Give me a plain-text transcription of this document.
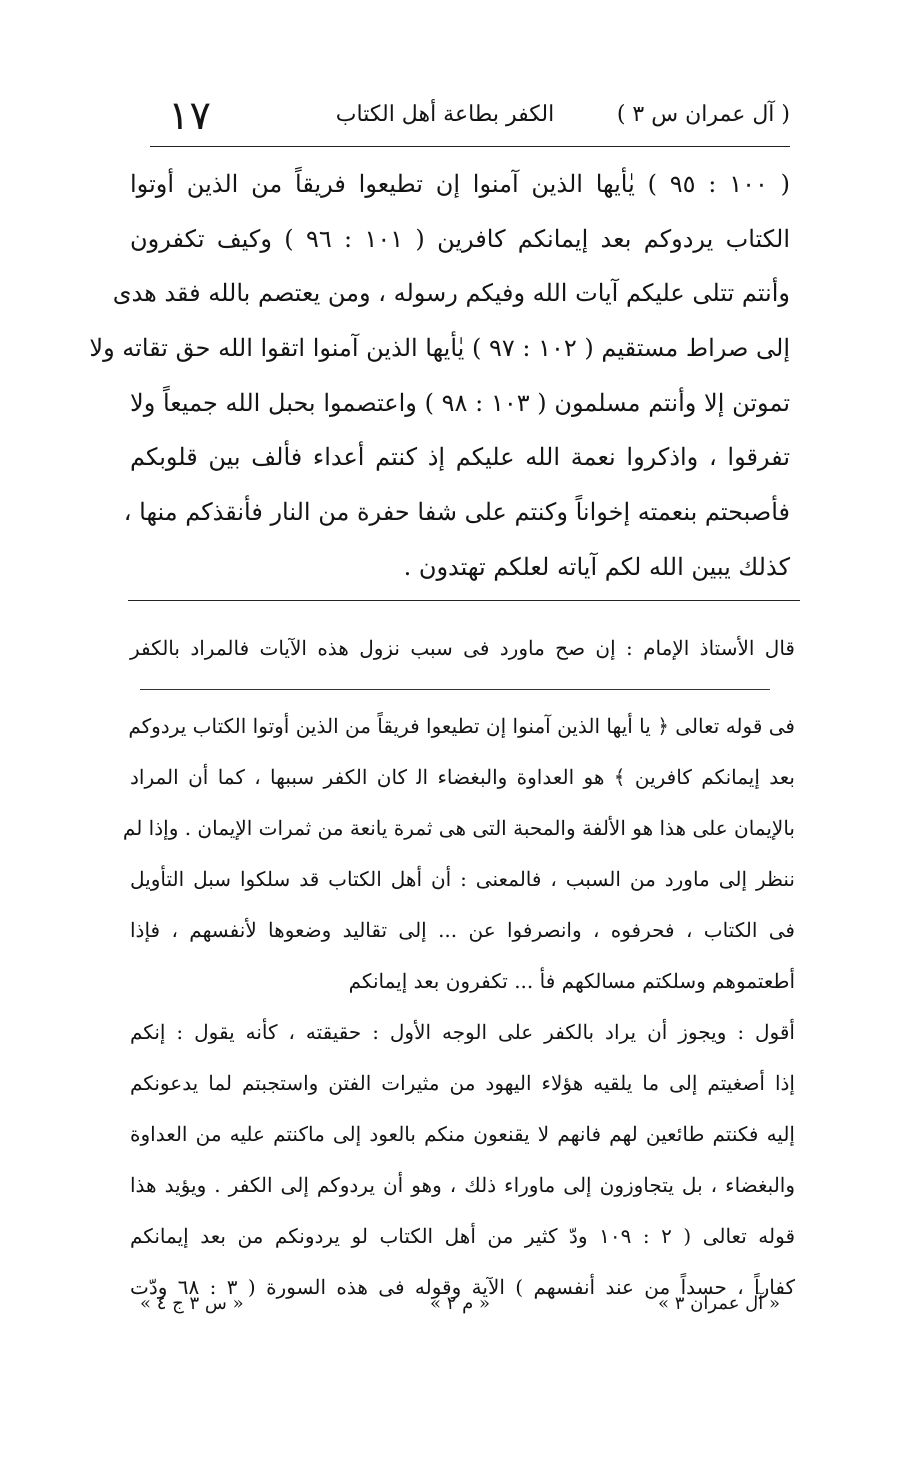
١٧	الكفر بطاعة أهل الكتاب	( آل عمران س ٣ )
( ١٠٠ : ٩٥ ) يٰأيها الذين آمنوا إن تطيعوا فريقاً من الذين أوتوا
الكتاب يردوكم بعد إيمانكم كافرين ( ١٠١ : ٩٦ ) وكيف تكفرون
وأنتم تتلى عليكم آيات الله وفيكم رسوله ، ومن يعتصم بالله فقد هدى
إلى صراط مستقيم ( ١٠٢ : ٩٧ ) يٰأيها الذين آمنوا اتقوا الله حق تقاته ولا
تموتن إلا وأنتم مسلمون ( ١٠٣ : ٩٨ ) واعتصموا بحبل الله جميعاً ولا
تفرقوا ، واذكروا نعمة الله عليكم إذ كنتم أعداء فألف بين قلوبكم
فأصبحتم بنعمته إخواناً وكنتم على شفا حفرة من النار فأنقذكم منها ،
كذلك يبين الله لكم آياته لعلكم تهتدون .
قال الأستاذ الإمام : إن صح ماورد فى سبب نزول هذه الآيات فالمراد بالكفر
فى قوله تعالى ﴿ يا أيها الذين آمنوا إن تطيعوا فريقاً من الذين أوتوا الكتاب يردوكم
بعد إيمانكم كافرين ﴾ هو العداوة والبغضاء ال‍ كان الكفر سببها ، كما أن المراد
بالإيمان على هذا هو الألفة والمحبة التى هى ثمرة يانعة من ثمرات الإيمان . وإذا لم
ننظر إلى ماورد من السبب ، فالمعنى : أن أهل الكتاب قد سلكوا سبل التأويل
فى الكتاب ، فحرفوه ، وانصرفوا عن ... إلى تقاليد وضعوها لأنفسهم ، فإذا
أطعتموهم وسلكتم مسالكهم فأ‍ ... تكفرون بعد إيمانكم
أقول : ويجوز أن يراد بالكفر على الوجه الأول : حقيقته ، كأنه يقول : إنكم
إذا أصغيتم إلى ما يلقيه هؤلاء اليهود من مثيرات الفتن واستجبتم لما يدعونكم
إليه فكنتم طائعين لهم فانهم لا يقنعون منكم بالعود إلى ماكنتم عليه من العداوة
والبغضاء ، بل يتجاوزون إلى ماوراء ذلك ، وهو أن يردوكم إلى الكفر . ويؤيد هذا
قوله تعالى ( ٢ : ١٠٩ ودّ كثير من أهل الكتاب لو يردونكم من بعد إيمانكم
كفاراً ، حسداً من عند أنفسهم ) الآية وقوله فى هذه السورة ( ٣ : ٦٨ ودّت
« س ٣ ج ٤ »	« م ٢ »	« آل عمران ٣ »
